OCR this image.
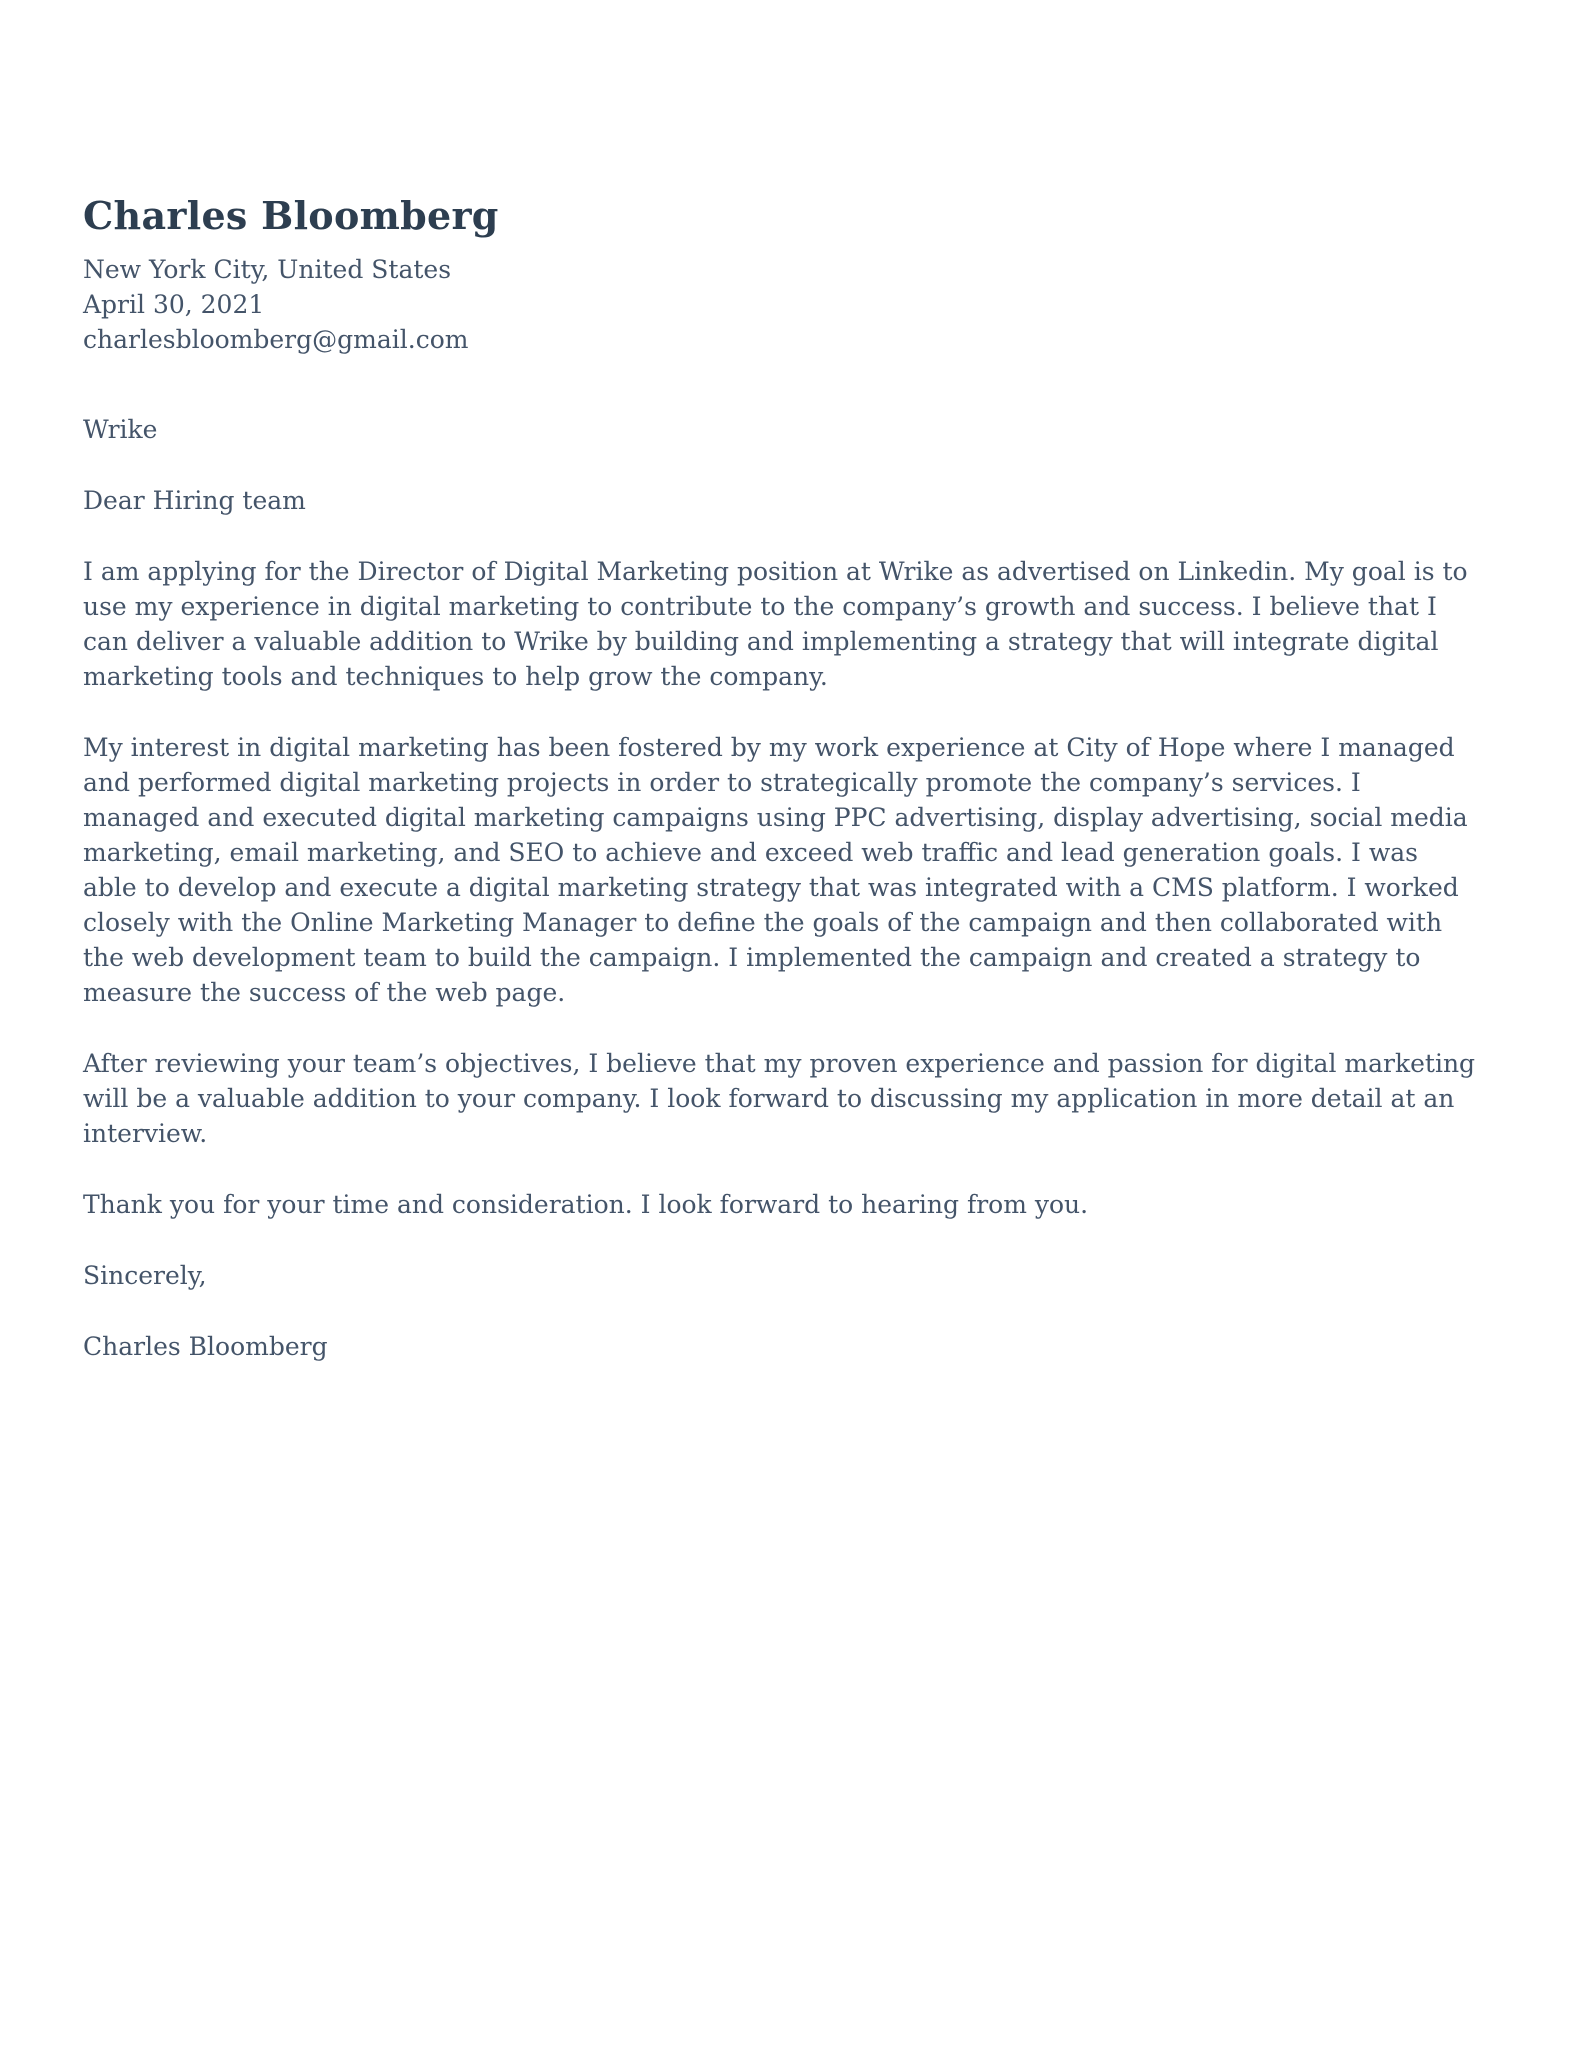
Charles Bloomberg
New York City, United States
April 30, 2021
charlesbloomberg@gmail.com
Wrike
Dear Hiring team

I am applying for the Director of Digital Marketing position at Wrike as advertised on Linkedin. My goal is to use my experience in digital marketing to contribute to the company’s growth and success. I believe that I can deliver a valuable addition to Wrike by building and implementing a strategy that will integrate digital marketing tools and techniques to help grow the company.

My interest in digital marketing has been fostered by my work experience at City of Hope where I managed and performed digital marketing projects in order to strategically promote the company’s services. I managed and executed digital marketing campaigns using PPC advertising, display advertising, social media marketing, email marketing, and SEO to achieve and exceed web traffic and lead generation goals. I was able to develop and execute a digital marketing strategy that was integrated with a CMS platform. I worked closely with the Online Marketing Manager to define the goals of the campaign and then collaborated with the web development team to build the campaign. I implemented the campaign and created a strategy to measure the success of the web page.

After reviewing your team’s objectives, I believe that my proven experience and passion for digital marketing will be a valuable addition to your company. I look forward to discussing my application in more detail at an interview.

Thank you for your time and consideration. I look forward to hearing from you.

Sincerely,

Charles Bloomberg
